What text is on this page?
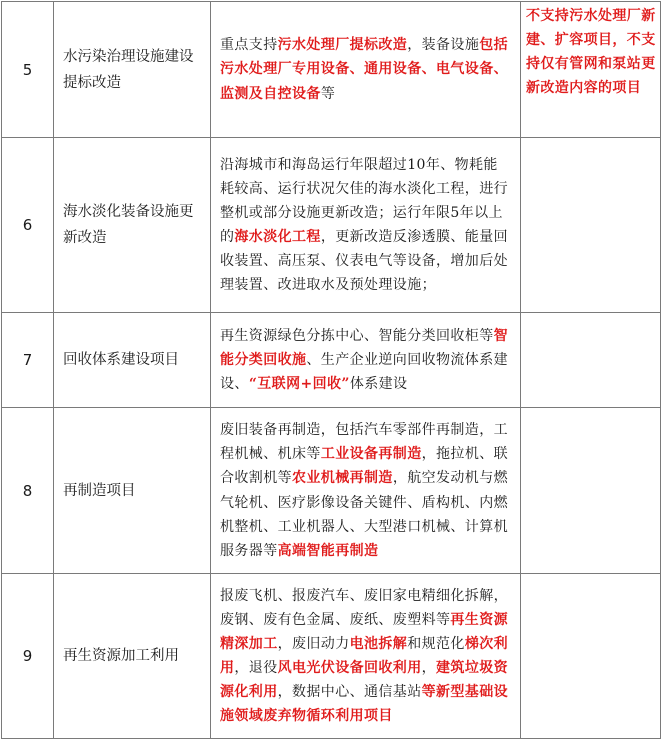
5	水污染治理设施建设提标改造	重点支持污水处理厂提标改造，装备设施包括污水处理厂专用设备、通用设备、电气设备、监测及自控设备等	不支持污水处理厂新建、扩容项目，不支持仅有管网和泵站更新改造内容的项目
6	海水淡化装备设施更新改造	沿海城市和海岛运行年限超过10年、物耗能耗较高、运行状况欠佳的海水淡化工程，进行整机或部分设施更新改造；运行年限5年以上的海水淡化工程，更新改造反渗透膜、能量回收装置、高压泵、仪表电气等设备，增加后处理装置、改进取水及预处理设施；	
7	回收体系建设项目	再生资源绿色分拣中心、智能分类回收柜等智能分类回收施、生产企业逆向回收物流体系建设、“互联网+回收”体系建设	
8	再制造项目	废旧装备再制造，包括汽车零部件再制造，工程机械、机床等工业设备再制造，拖拉机、联合收割机等农业机械再制造，航空发动机与燃气轮机、医疗影像设备关键件、盾构机、内燃机整机、工业机器人、大型港口机械、计算机服务器等高端智能再制造	
9	再生资源加工利用	报废飞机、报废汽车、废旧家电精细化拆解，废钢、废有色金属、废纸、废塑料等再生资源精深加工，废旧动力电池拆解和规范化梯次利用，退役风电光伏设备回收利用，建筑垃圾资源化利用，数据中心、通信基站等新型基础设施领域废弃物循环利用项目	
